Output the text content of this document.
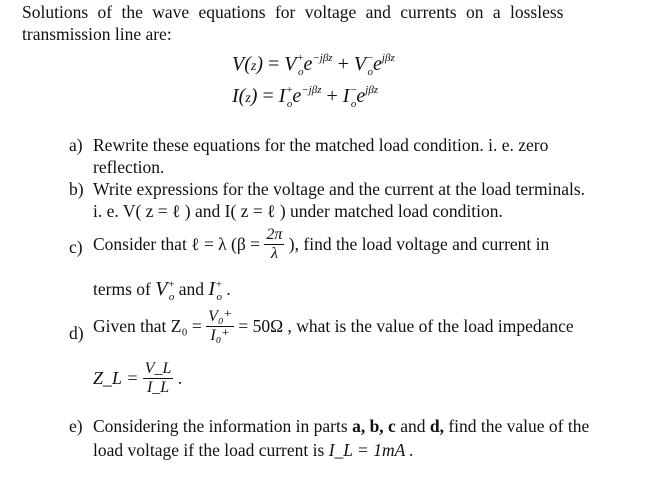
Solutions of the wave equations for voltage and currents on a lossless
transmission line are:
$V(z) = V^+_oe^{-j\beta z} + V^-_oe^{j\beta z}$
$I(z) = I^+_oe^{-j\beta z} + I^-_oe^{j\beta z}$
a) Rewrite these equations for the matched load condition. i. e. zero
reflection.
b) Write expressions for the voltage and the current at the load terminals.
i. e. V( z = ℓ ) and I( z = ℓ ) under matched load condition.
c) Consider that ℓ = λ ($\beta = \frac{2\pi}{\lambda}$ ), find the load voltage and current in
terms of $V^+_o$ and $I^+_o$ .
d) Given that $Z_0 = \frac{\text{V₀⁺}}{\text{I₀⁺}} = 50\Omega$ , what is the value of the load impedance
Z_L = $\frac{V\_L}{I\_L}$ .
e) Considering the information in parts a, b, c and d, find the value of the
load voltage if the load current is I_L = 1mA .
